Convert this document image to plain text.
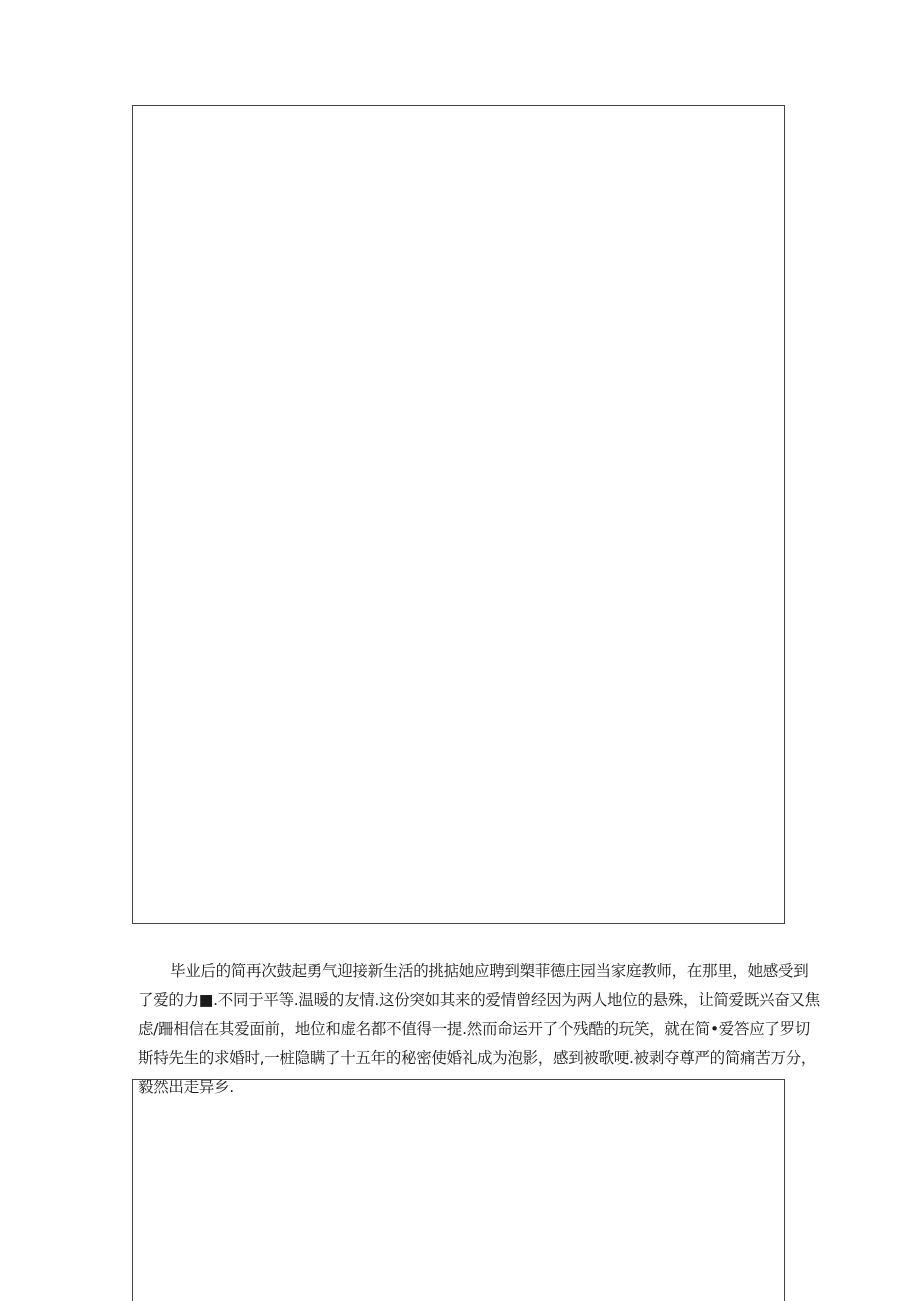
毕业后的简再次鼓起勇气迎接新生活的挑掂她应聘到槊菲德庄园当家庭教师，在那里，她感受到
了爱的力■.不同于平等.温暖的友情.这份突如其来的爱情曾经因为两人地位的悬殊，让简爱既兴奋又焦
虑/跚相信在其爱面前，地位和虚名都不值得一提.然而命运开了个残酷的玩笑，就在简•爱答应了罗切
斯特先生的求婚时,一桩隐瞒了十五年的秘密使婚礼成为泡影，感到被歌哽.被剥夺尊严的简痛苦万分，
毅然出走异乡.
